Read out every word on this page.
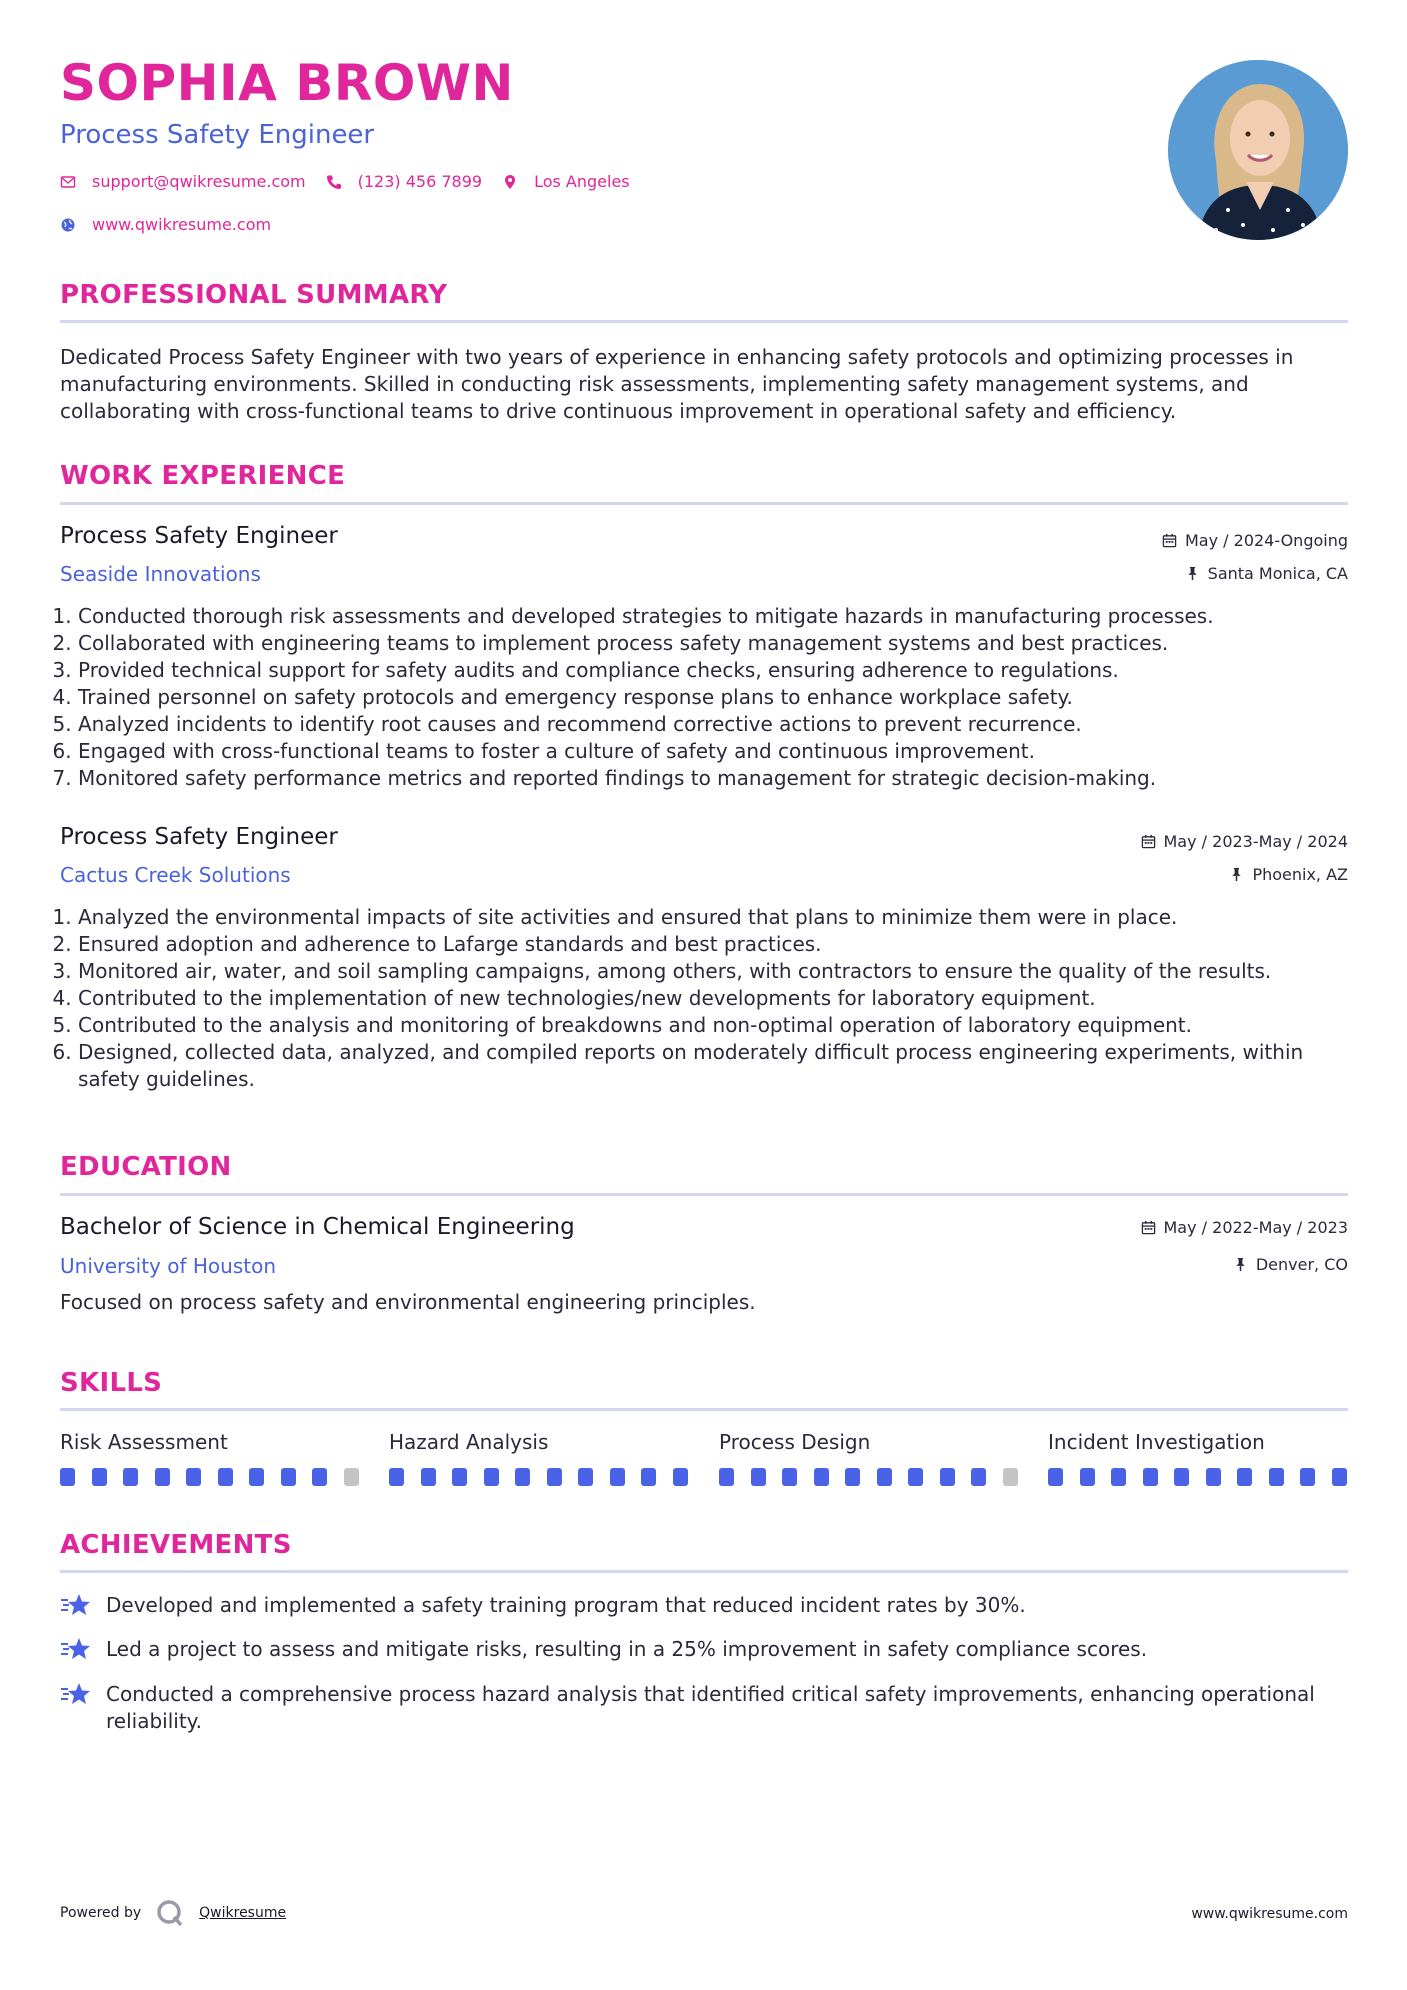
SOPHIA BROWN
Process Safety Engineer
support@qwikresume.com	(123) 456 7899	Los Angeles
www.qwikresume.com
PROFESSIONAL SUMMARY

Dedicated Process Safety Engineer with two years of experience in enhancing safety protocols and optimizing processes in manufacturing environments. Skilled in conducting risk assessments, implementing safety management systems, and collaborating with cross-functional teams to drive continuous improvement in operational safety and efficiency.

WORK EXPERIENCE
Process Safety Engineer
Seaside Innovations
May / 2024-Ongoing
Santa Monica, CA
1. Conducted thorough risk assessments and developed strategies to mitigate hazards in manufacturing processes.
2. Collaborated with engineering teams to implement process safety management systems and best practices.
3. Provided technical support for safety audits and compliance checks, ensuring adherence to regulations.
4. Trained personnel on safety protocols and emergency response plans to enhance workplace safety.
5. Analyzed incidents to identify root causes and recommend corrective actions to prevent recurrence.
6. Engaged with cross-functional teams to foster a culture of safety and continuous improvement.
7. Monitored safety performance metrics and reported findings to management for strategic decision-making.
Process Safety Engineer
Cactus Creek Solutions
May / 2023-May / 2024
Phoenix, AZ
1. Analyzed the environmental impacts of site activities and ensured that plans to minimize them were in place.
2. Ensured adoption and adherence to Lafarge standards and best practices.
3. Monitored air, water, and soil sampling campaigns, among others, with contractors to ensure the quality of the results.
4. Contributed to the implementation of new technologies/new developments for laboratory equipment.
5. Contributed to the analysis and monitoring of breakdowns and non-optimal operation of laboratory equipment.
6. Designed, collected data, analyzed, and compiled reports on moderately difficult process engineering experiments, within safety guidelines.
EDUCATION
Bachelor of Science in Chemical Engineering
University of Houston
May / 2022-May / 2023
Denver, CO

Focused on process safety and environmental engineering principles.

SKILLS
Risk Assessment	Hazard Analysis	Process Design	Incident Investigation
ACHIEVEMENTS
Developed and implemented a safety training program that reduced incident rates by 30%.
Led a project to assess and mitigate risks, resulting in a 25% improvement in safety compliance scores.
Conducted a comprehensive process hazard analysis that identified critical safety improvements, enhancing operational reliability.
Powered by	Qwikresume	www.qwikresume.com
